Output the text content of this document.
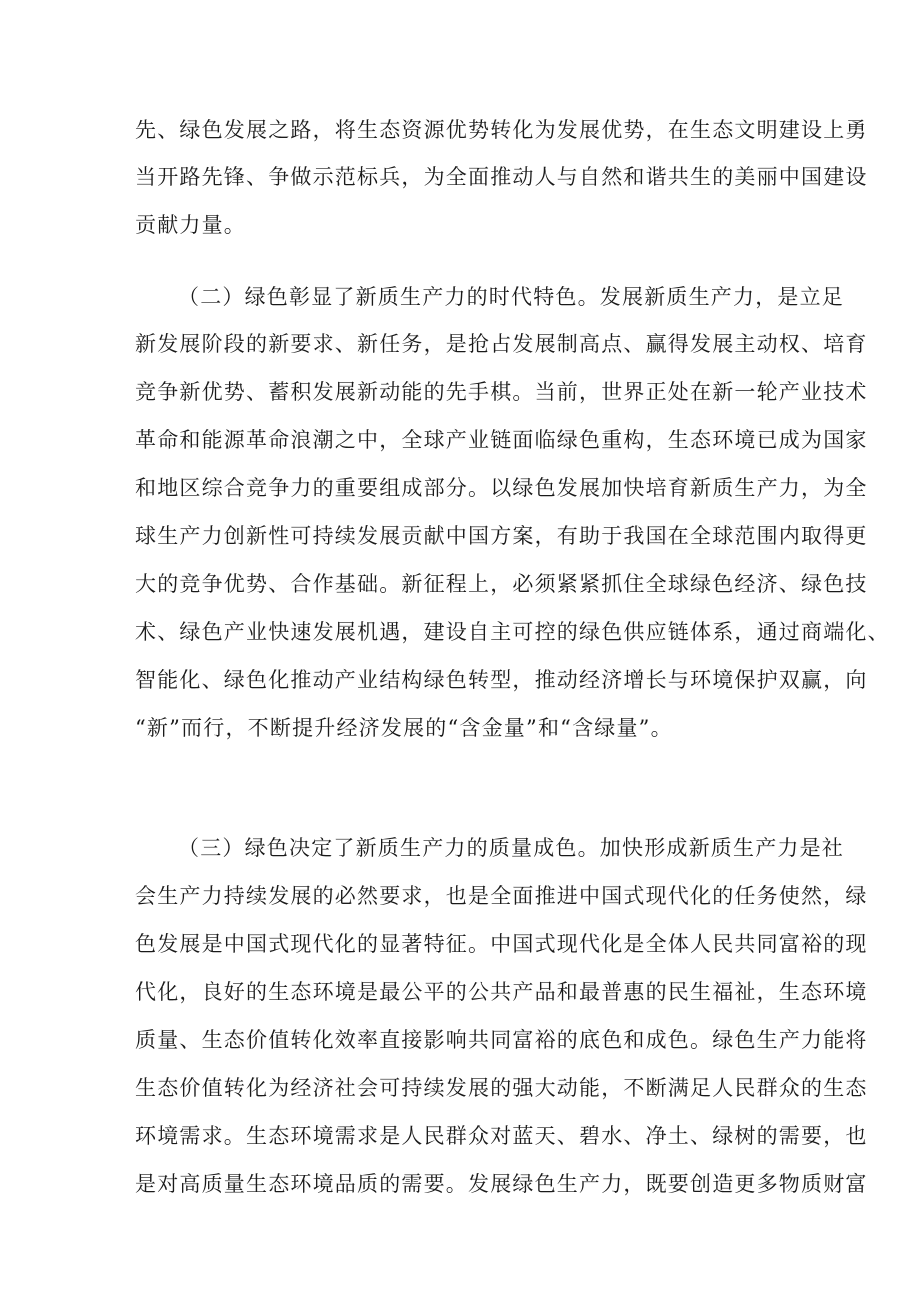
先、绿色发展之路，将生态资源优势转化为发展优势，在生态文明建设上勇
当开路先锋、争做示范标兵，为全面推动人与自然和谐共生的美丽中国建设
贡献力量。
（二）绿色彰显了新质生产力的时代特色。发展新质生产力，是立足
新发展阶段的新要求、新任务，是抢占发展制高点、赢得发展主动权、培育
竞争新优势、蓄积发展新动能的先手棋。当前，世界正处在新一轮产业技术
革命和能源革命浪潮之中，全球产业链面临绿色重构，生态环境已成为国家
和地区综合竞争力的重要组成部分。以绿色发展加快培育新质生产力，为全
球生产力创新性可持续发展贡献中国方案，有助于我国在全球范围内取得更
大的竞争优势、合作基础。新征程上，必须紧紧抓住全球绿色经济、绿色技
术、绿色产业快速发展机遇，建设自主可控的绿色供应链体系，通过商端化、
智能化、绿色化推动产业结构绿色转型，推动经济增长与环境保护双赢，向
“新”而行，不断提升经济发展的“含金量”和“含绿量”。
（三）绿色决定了新质生产力的质量成色。加快形成新质生产力是社
会生产力持续发展的必然要求，也是全面推进中国式现代化的任务使然，绿
色发展是中国式现代化的显著特征。中国式现代化是全体人民共同富裕的现
代化，良好的生态环境是最公平的公共产品和最普惠的民生福祉，生态环境
质量、生态价值转化效率直接影响共同富裕的底色和成色。绿色生产力能将
生态价值转化为经济社会可持续发展的强大动能，不断满足人民群众的生态
环境需求。生态环境需求是人民群众对蓝天、碧水、净土、绿树的需要，也
是对高质量生态环境品质的需要。发展绿色生产力，既要创造更多物质财富
